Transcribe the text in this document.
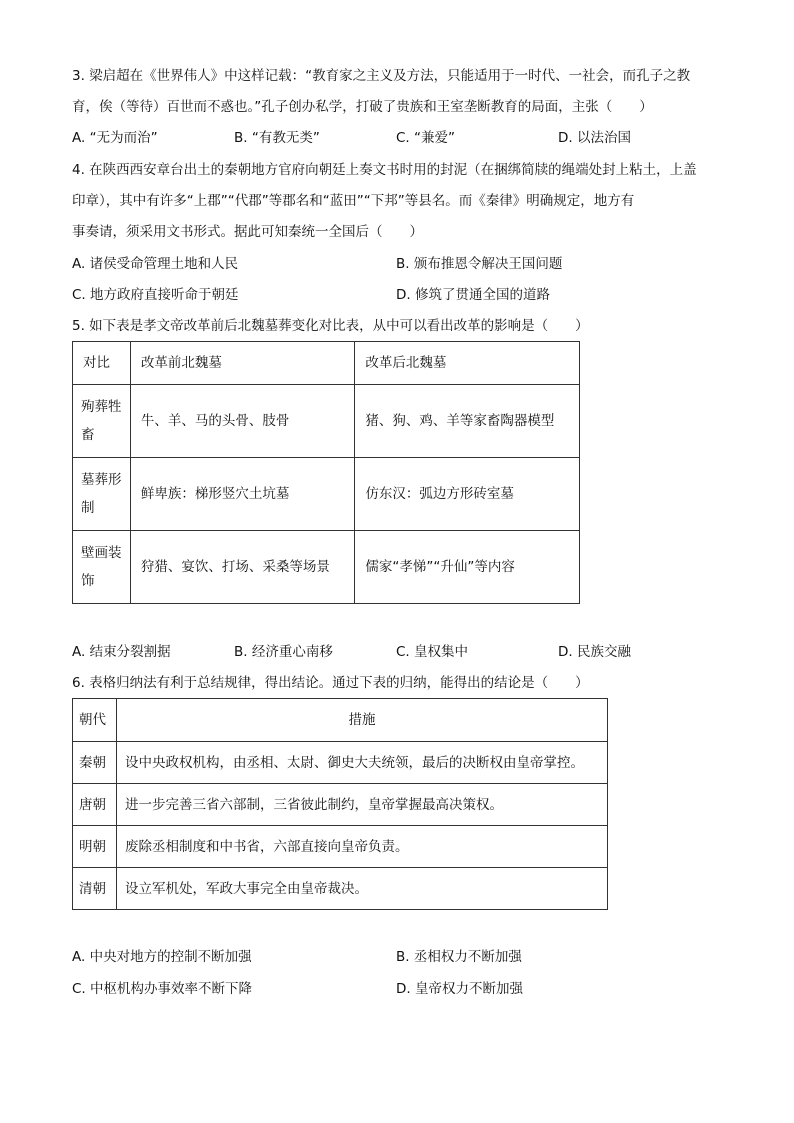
3. 梁启超在《世界伟人》中这样记载：“教育家之主义及方法，只能适用于一时代、一社会，而孔子之教
育，俟（等待）百世而不惑也。”孔子创办私学，打破了贵族和王室垄断教育的局面，主张（　　）
A. “无为而治”	B. “有教无类”	C. “兼爱”	D. 以法治国
4. 在陕西西安章台出土的秦朝地方官府向朝廷上奏文书时用的封泥（在捆绑简牍的绳端处封上粘土，上盖
印章），其中有许多“上郡”“代郡”等郡名和“蓝田”“下邦”等县名。而《秦律》明确规定，地方有
事奏请，须采用文书形式。据此可知秦统一全国后（　　）
A. 诸侯受命管理土地和人民	B. 颁布推恩令解决王国问题
C. 地方政府直接听命于朝廷	D. 修筑了贯通全国的道路
5. 如下表是孝文帝改革前后北魏墓葬变化对比表，从中可以看出改革的影响是（　　）
对比	改革前北魏墓	改革后北魏墓
殉葬牲畜	牛、羊、马的头骨、肢骨	猪、狗、鸡、羊等家畜陶器模型
墓葬形制	鲜卑族：梯形竖穴土坑墓	仿东汉：弧边方形砖室墓
壁画装饰	狩猎、宴饮、打场、采桑等场景	儒家“孝悌”“升仙”等内容
A. 结束分裂割据	B. 经济重心南移	C. 皇权集中	D. 民族交融
6. 表格归纳法有利于总结规律，得出结论。通过下表的归纳，能得出的结论是（　　）
朝代	措施
秦朝	设中央政权机构，由丞相、太尉、御史大夫统领，最后的决断权由皇帝掌控。
唐朝	进一步完善三省六部制，三省彼此制约，皇帝掌握最高决策权。
明朝	废除丞相制度和中书省，六部直接向皇帝负责。
清朝	设立军机处，军政大事完全由皇帝裁决。
A. 中央对地方的控制不断加强	B. 丞相权力不断加强
C. 中枢机构办事效率不断下降	D. 皇帝权力不断加强
